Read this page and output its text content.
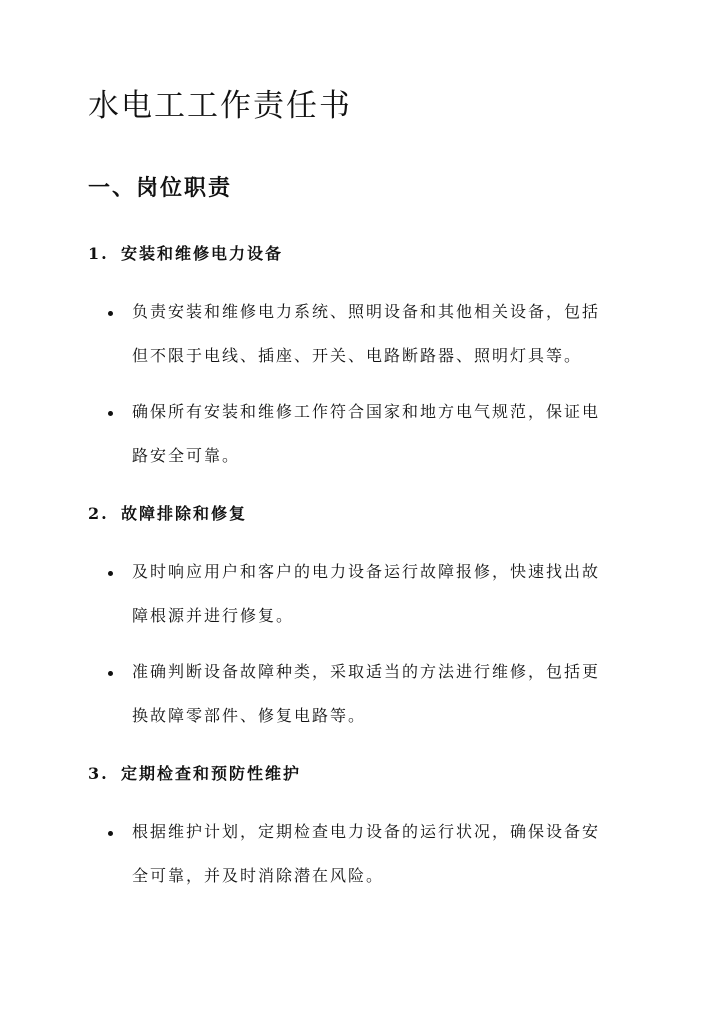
水电工工作责任书
一、岗位职责
1. 安装和维修电力设备
负责安装和维修电力系统、照明设备和其他相关设备，包括
但不限于电线、插座、开关、电路断路器、照明灯具等。
确保所有安装和维修工作符合国家和地方电气规范，保证电
路安全可靠。
2. 故障排除和修复
及时响应用户和客户的电力设备运行故障报修，快速找出故
障根源并进行修复。
准确判断设备故障种类，采取适当的方法进行维修，包括更
换故障零部件、修复电路等。
3. 定期检查和预防性维护
根据维护计划，定期检查电力设备的运行状况，确保设备安
全可靠，并及时消除潜在风险。
